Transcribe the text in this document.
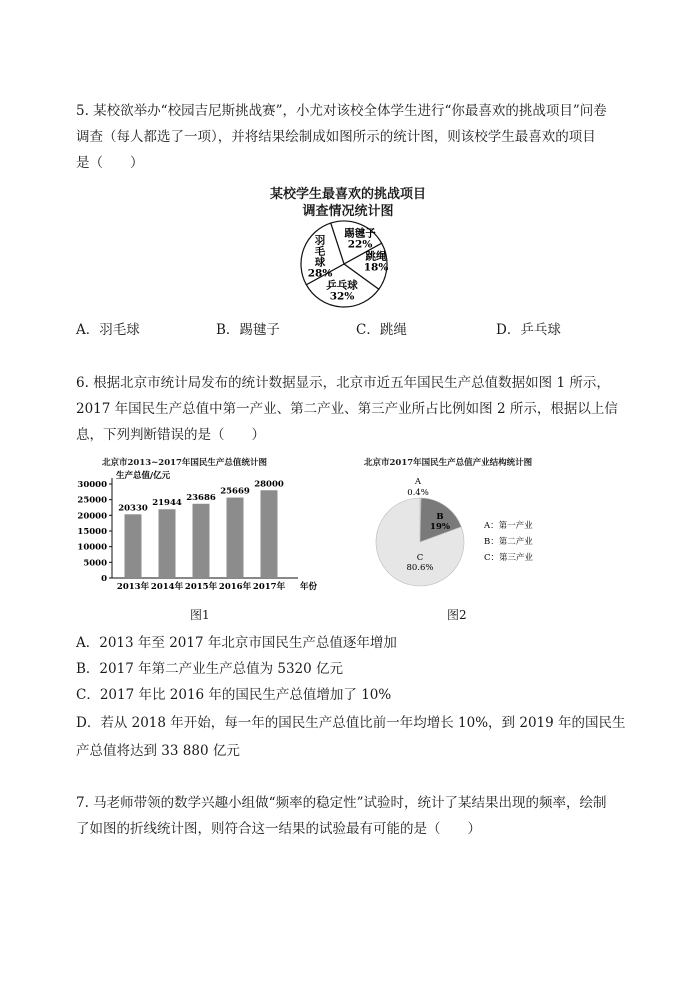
5. 某校欲举办“校园吉尼斯挑战赛”，小尤对该校全体学生进行“你最喜欢的挑战项目”问卷

调查（每人都选了一项），并将结果绘制成如图所示的统计图，则该校学生最喜欢的项目

是（　　）

某校学生最喜欢的挑战项目
调查情况统计图
踢毽子
22%
跳绳
18%
乒乓球
32%
羽
毛
球
28%
A．羽毛球	B．踢毽子	C．跳绳	D．乒乓球

6. 根据北京市统计局发布的统计数据显示，北京市近五年国民生产总值数据如图 1 所示，

2017 年国民生产总值中第一产业、第二产业、第三产业所占比例如图 2 所示，根据以上信

息，下列判断错误的是（　　）

北京市2013~2017年国民生产总值统计图
生产总值/亿元
0
5000
10000
15000
20000
25000
30000
20330
2013年
21944
2014年
23686
2015年
25669
2016年
28000
2017年 年份
图1
北京市2017年国民生产总值产业结构统计图
A
0.4%
B
19%
C
80.6%
A：第一产业
B：第二产业
C：第三产业
图2
A．2013 年至 2017 年北京市国民生产总值逐年增加
B．2017 年第二产业生产总值为 5320 亿元
C．2017 年比 2016 年的国民生产总值增加了 10%
D．若从 2018 年开始，每一年的国民生产总值比前一年均增长 10%，到 2019 年的国民生
产总值将达到 33 880 亿元

7. 马老师带领的数学兴趣小组做“频率的稳定性”试验时，统计了某结果出现的频率，绘制

了如图的折线统计图，则符合这一结果的试验最有可能的是（　　）
